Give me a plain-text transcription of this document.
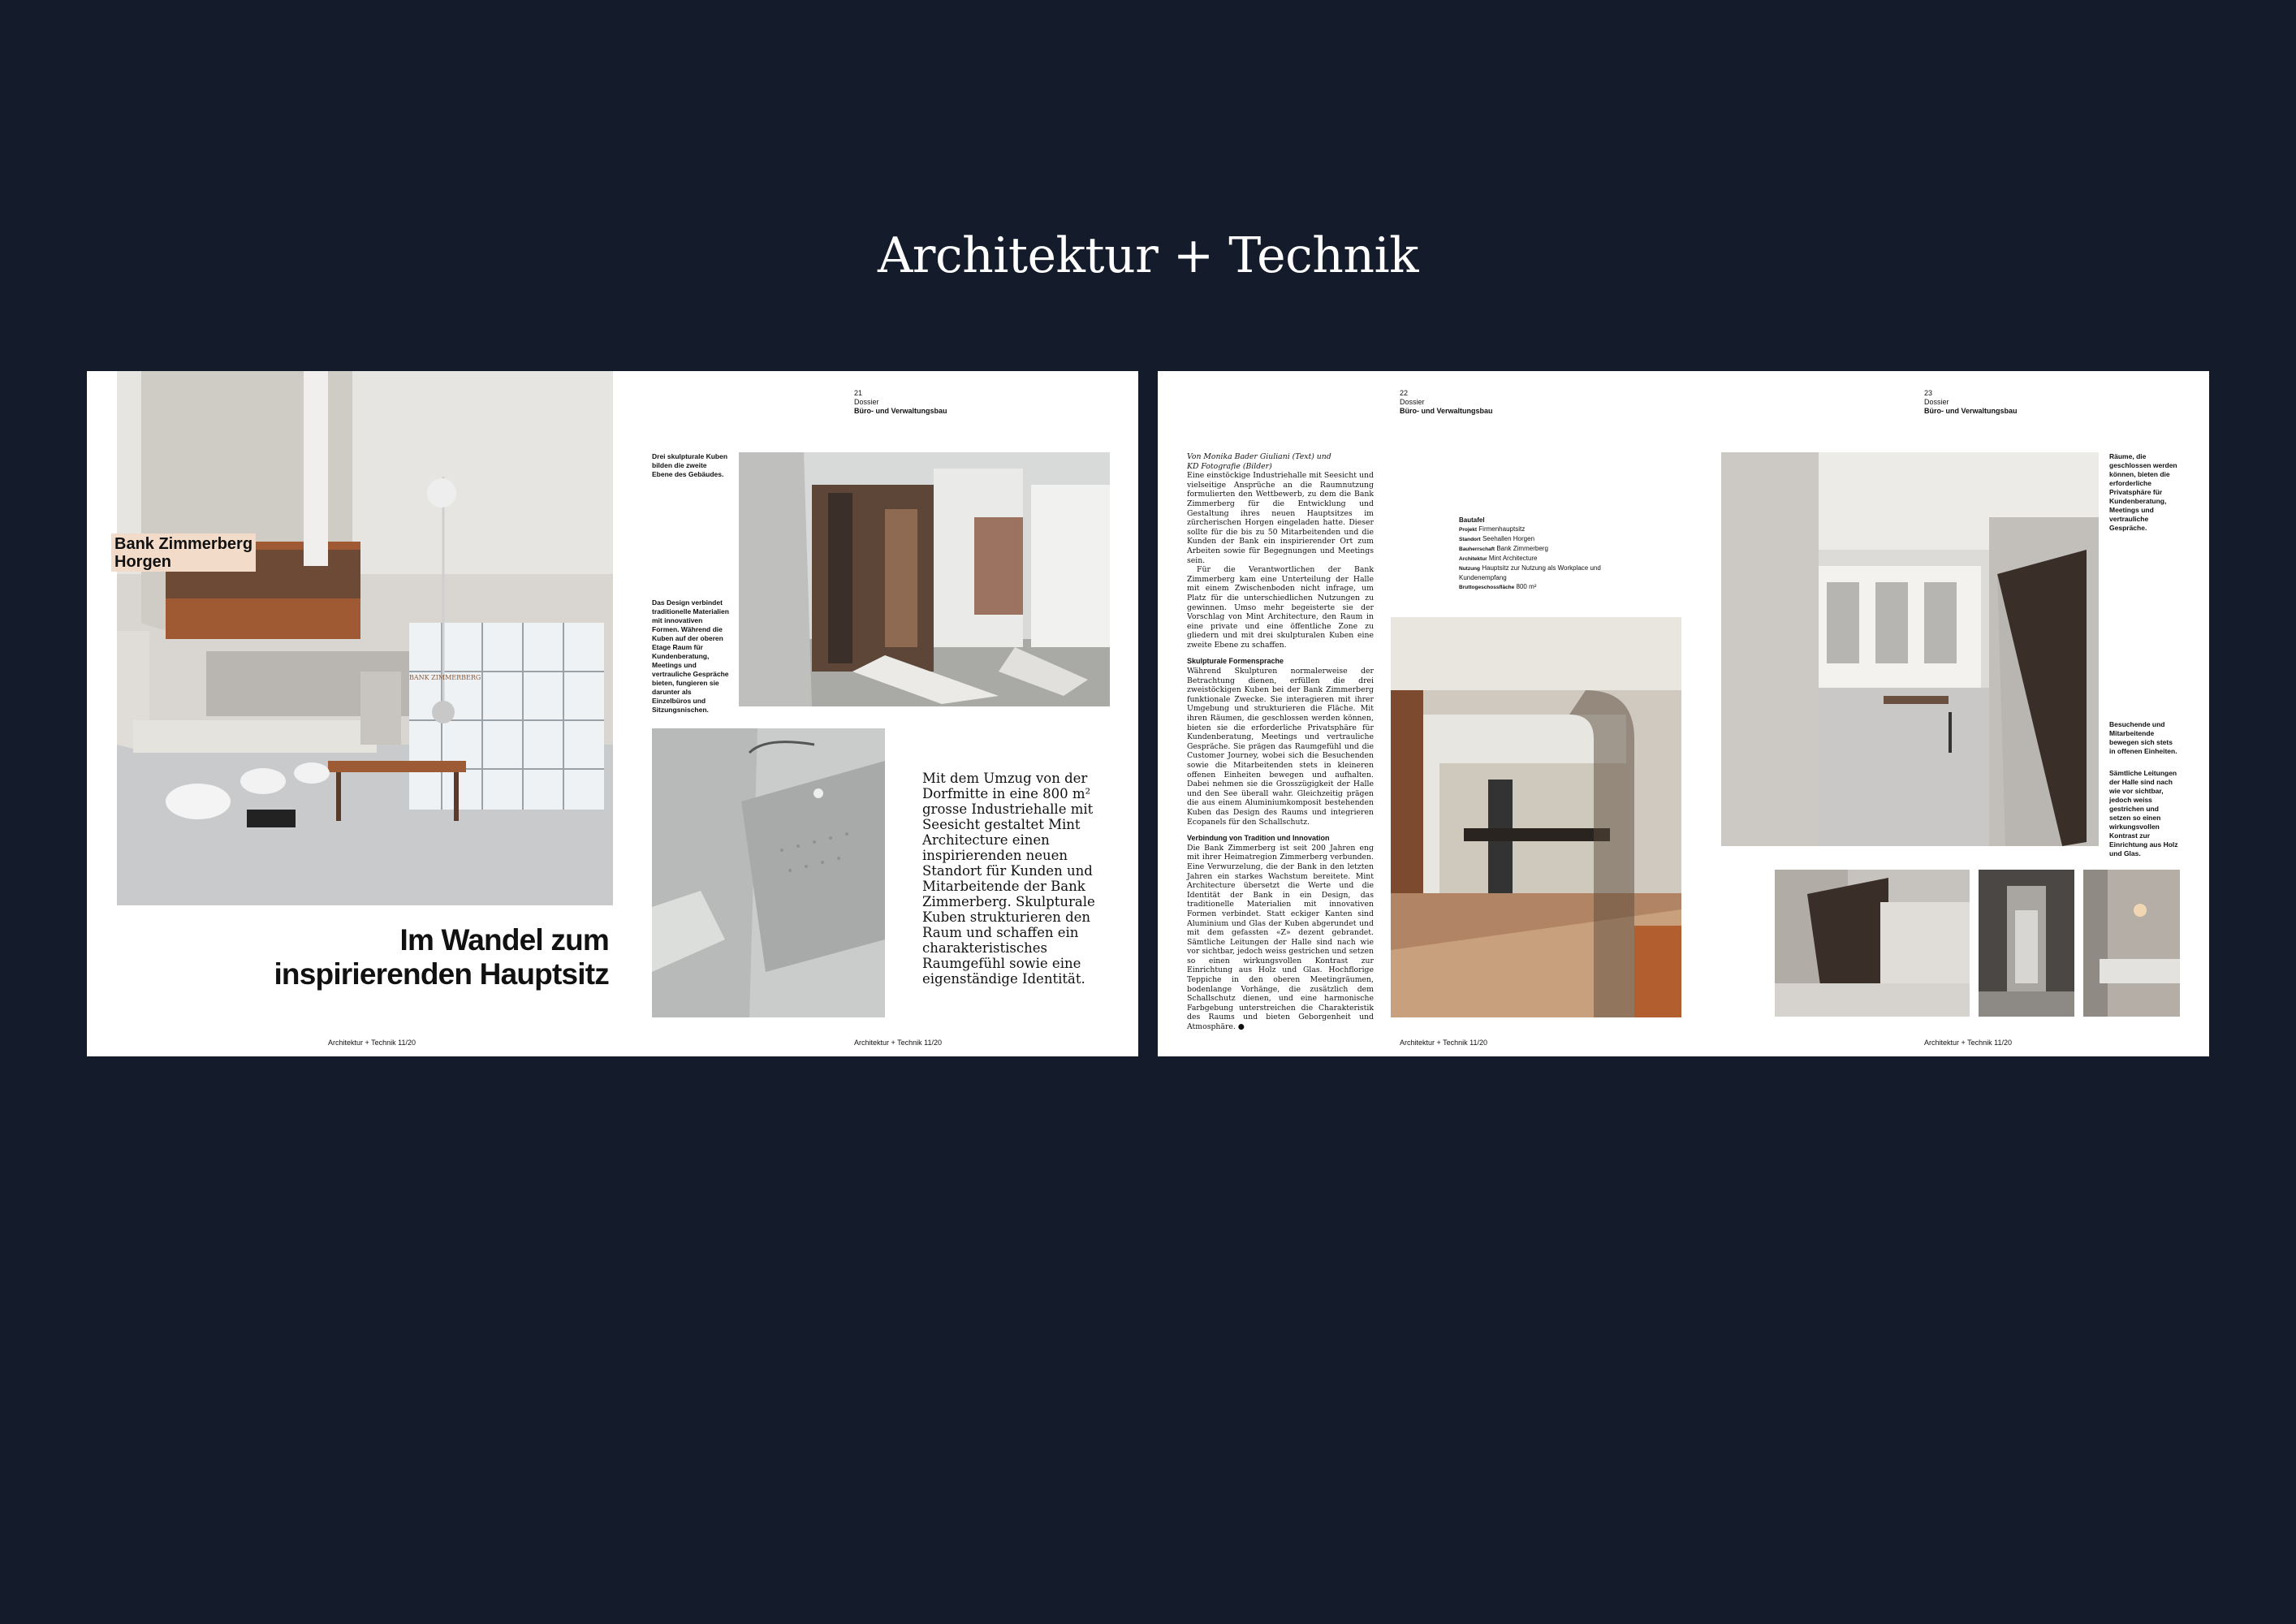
Architektur + Technik
BANK ZIMMERBERG
Bank Zimmerberg
Horgen
Im Wandel zum
inspirierenden Hauptsitz
Architektur + Technik 11/20
21
Dossier
Büro- und Verwaltungsbau
Drei skulpturale Kuben bilden die zweite Ebene des Gebäudes.
Das Design verbindet traditionelle Materialien mit innovativen Formen. Während die Kuben auf der oberen Etage Raum für Kundenberatung, Meetings und vertrauliche Gespräche bieten, fungieren sie darunter als Einzelbüros und Sitzungsnischen.
Mit dem Umzug von der Dorfmitte in eine 800 m² grosse Industriehalle mit Seesicht gestaltet Mint Architecture einen inspirierenden neuen Standort für Kunden und Mitarbeitende der Bank Zimmerberg. Skulpturale Kuben strukturieren den Raum und schaffen ein charakteristisches Raumgefühl sowie eine eigenständige Identität.
Architektur + Technik 11/20
22
Dossier
Büro- und Verwaltungsbau

Von Monika Bader Giuliani (Text) und

KD Fotografie (Bilder)

Eine einstöckige Industriehalle mit Seesicht und vielseitige Ansprüche an die Raumnutzung formulierten den Wettbewerb, zu dem die Bank Zimmerberg für die Entwicklung und Gestaltung ihres neuen Hauptsitzes im zürcherischen Horgen eingeladen hatte. Dieser sollte für die bis zu 50 Mitarbeitenden und die Kunden der Bank ein inspirierender Ort zum Arbeiten sowie für Begegnungen und Meetings sein.

Für die Verantwortlichen der Bank Zimmerberg kam eine Unterteilung der Halle mit einem Zwischenboden nicht infrage, um Platz für die unterschiedlichen Nutzungen zu gewinnen. Umso mehr begeisterte sie der Vorschlag von Mint Architecture, den Raum in eine private und eine öffentliche Zone zu gliedern und mit drei skulpturalen Kuben eine zweite Ebene zu schaffen.

Skulpturale Formensprache

Während Skulpturen normalerweise der Betrachtung dienen, erfüllen die drei zweistöckigen Kuben bei der Bank Zimmerberg funktionale Zwecke. Sie interagieren mit ihrer Umgebung und strukturieren die Fläche. Mit ihren Räumen, die geschlossen werden können, bieten sie die erforderliche Privatsphäre für Kundenberatung, Meetings und vertrauliche Gespräche. Sie prägen das Raumgefühl und die Customer Journey, wobei sich die Besuchenden sowie die Mitarbeitenden stets in kleineren offenen Einheiten bewegen und aufhalten. Dabei nehmen sie die Grosszügigkeit der Halle und den See überall wahr. Gleichzeitig prägen die aus einem Aluminiumkomposit bestehenden Kuben das Design des Raums und integrieren Ecopanels für den Schallschutz.

Verbindung von Tradition und Innovation

Die Bank Zimmerberg ist seit 200 Jahren eng mit ihrer Heimatregion Zimmerberg verbunden. Eine Verwurzelung, die der Bank in den letzten Jahren ein starkes Wachstum bereitete. Mint Architecture übersetzt die Werte und die Identität der Bank in ein Design, das traditionelle Materialien mit innovativen Formen verbindet. Statt eckiger Kanten sind Aluminium und Glas der Kuben abgerundet und mit dem gefassten «Z» dezent gebrandet. Sämtliche Leitungen der Halle sind nach wie vor sichtbar, jedoch weiss gestrichen und setzen so einen wirkungsvollen Kontrast zur Einrichtung aus Holz und Glas. Hochflorige Teppiche in den oberen Meetingräumen, bodenlange Vorhänge, die zusätzlich dem Schallschutz dienen, und eine harmonische Farbgebung unterstreichen die Charakteristik des Raums und bieten Geborgenheit und Atmosphäre. ●

Bautafel
Projekt Firmenhauptsitz
Standort Seehallen Horgen
Bauherrschaft Bank Zimmerberg
Architektur Mint Architecture
Nutzung Hauptsitz zur Nutzung als Workplace und Kundenempfang
Bruttogeschossfläche 800 m²
23
Dossier
Büro- und Verwaltungsbau
Räume, die geschlossen werden können, bieten die erforderliche Privatsphäre für Kundenberatung, Meetings und vertrauliche Gespräche.
Besuchende und Mitarbeitende bewegen sich stets in offenen Einheiten.
Sämtliche Leitungen der Halle sind nach wie vor sichtbar, jedoch weiss gestrichen und setzen so einen wirkungsvollen Kontrast zur Einrichtung aus Holz und Glas.
Architektur + Technik 11/20	Architektur + Technik 11/20
